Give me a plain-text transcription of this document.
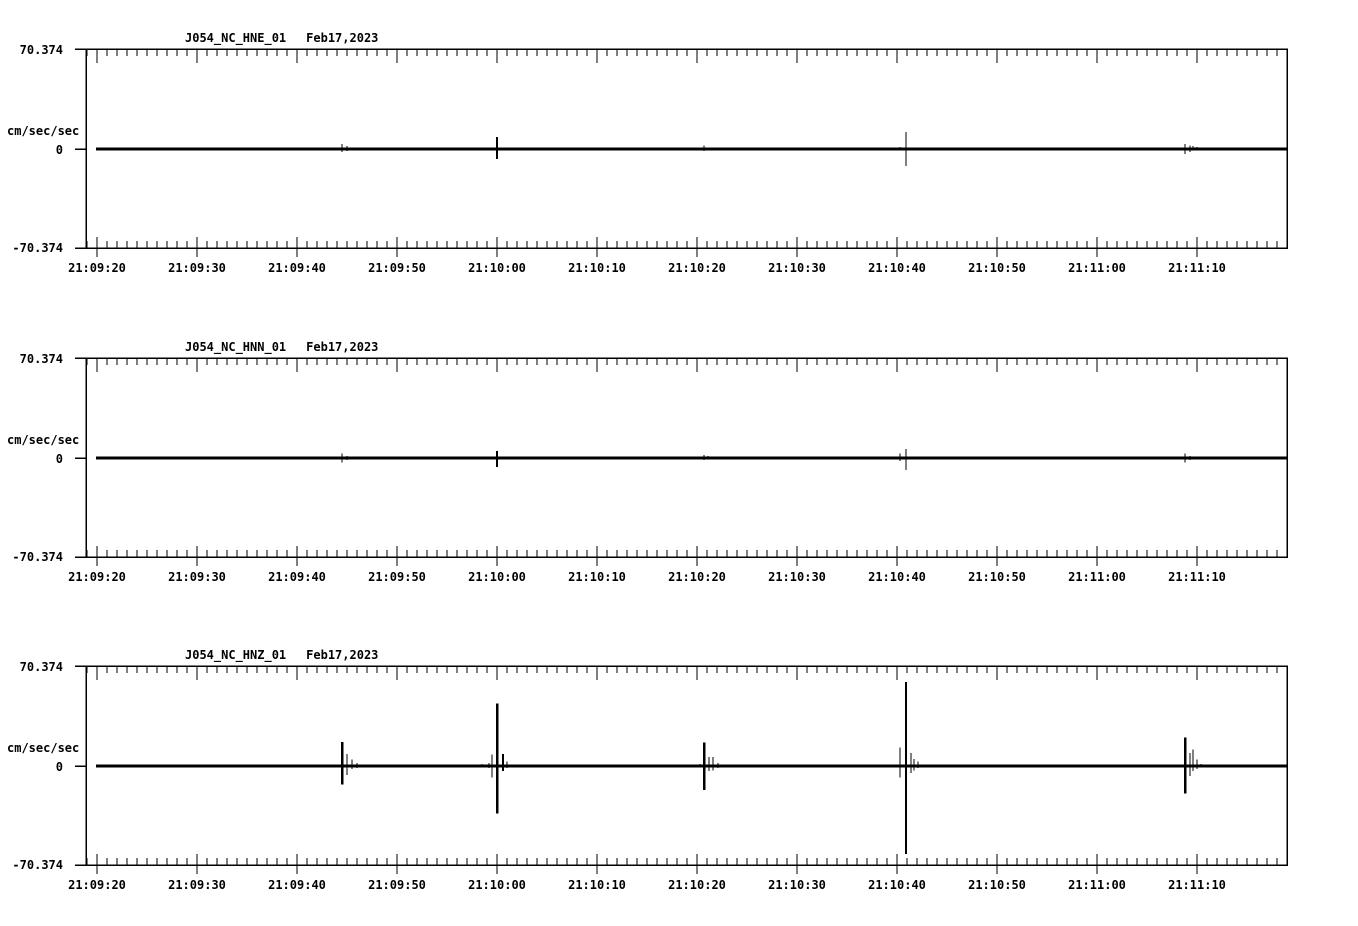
J054_NC_HNE_01 Feb17,2023
70.374
cm/sec/sec
0
-70.374
21:09:20	21:09:30	21:09:40	21:09:50	21:10:00	21:10:10	21:10:20	21:10:30	21:10:40	21:10:50	21:11:00	21:11:10
J054_NC_HNN_01 Feb17,2023
70.374
cm/sec/sec
0
-70.374
21:09:20	21:09:30	21:09:40	21:09:50	21:10:00	21:10:10	21:10:20	21:10:30	21:10:40	21:10:50	21:11:00	21:11:10
J054_NC_HNZ_01 Feb17,2023
70.374
cm/sec/sec
0
-70.374
21:09:20	21:09:30	21:09:40	21:09:50	21:10:00	21:10:10	21:10:20	21:10:30	21:10:40	21:10:50	21:11:00	21:11:10
